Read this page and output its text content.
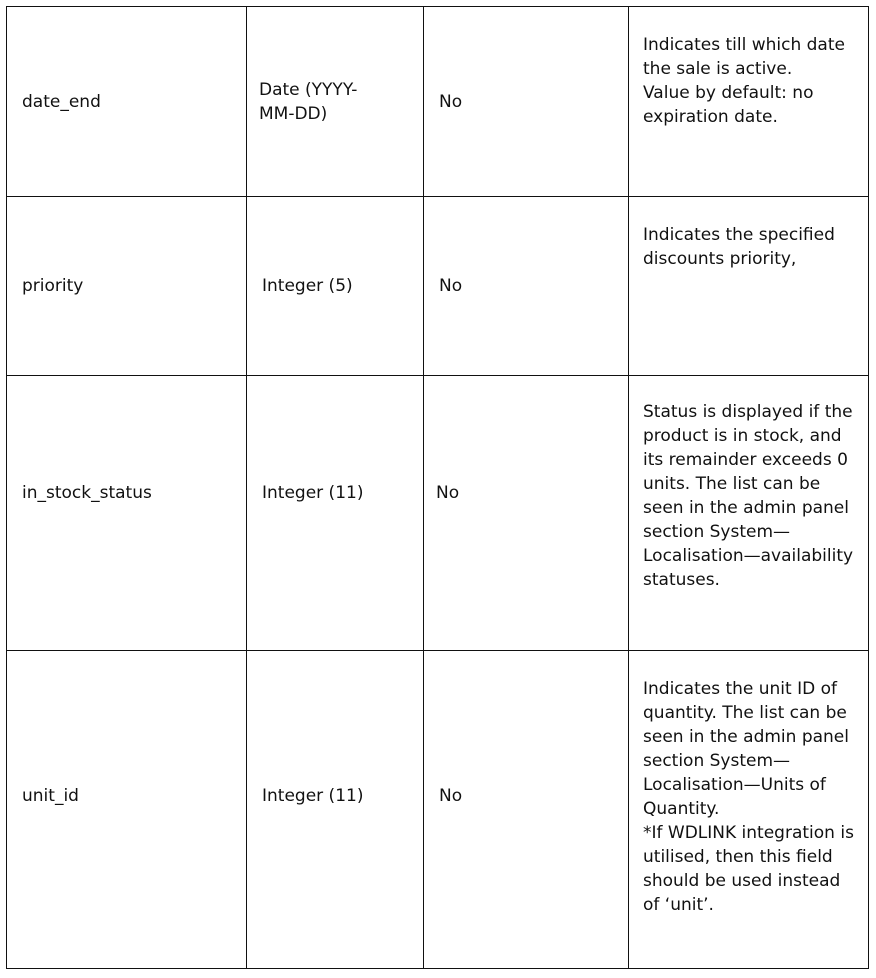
date_end	Date (YYYY-MM-DD)	No	Indicates till which date the sale is active.
Value by default: no expiration date.

priority	Integer (5)	No	Indicates the specified discounts priority,

in_stock_status	Integer (11)	No	Status is displayed if the product is in stock, and its remainder exceeds 0 units. The list can be seen in the admin panel section System—Localisation—availability statuses.

unit_id	Integer (11)	No	Indicates the unit ID of quantity. The list can be seen in the admin panel section System—Localisation—Units of Quantity.
*If WDLINK integration is utilised, then this field should be used instead of ‘unit’.
